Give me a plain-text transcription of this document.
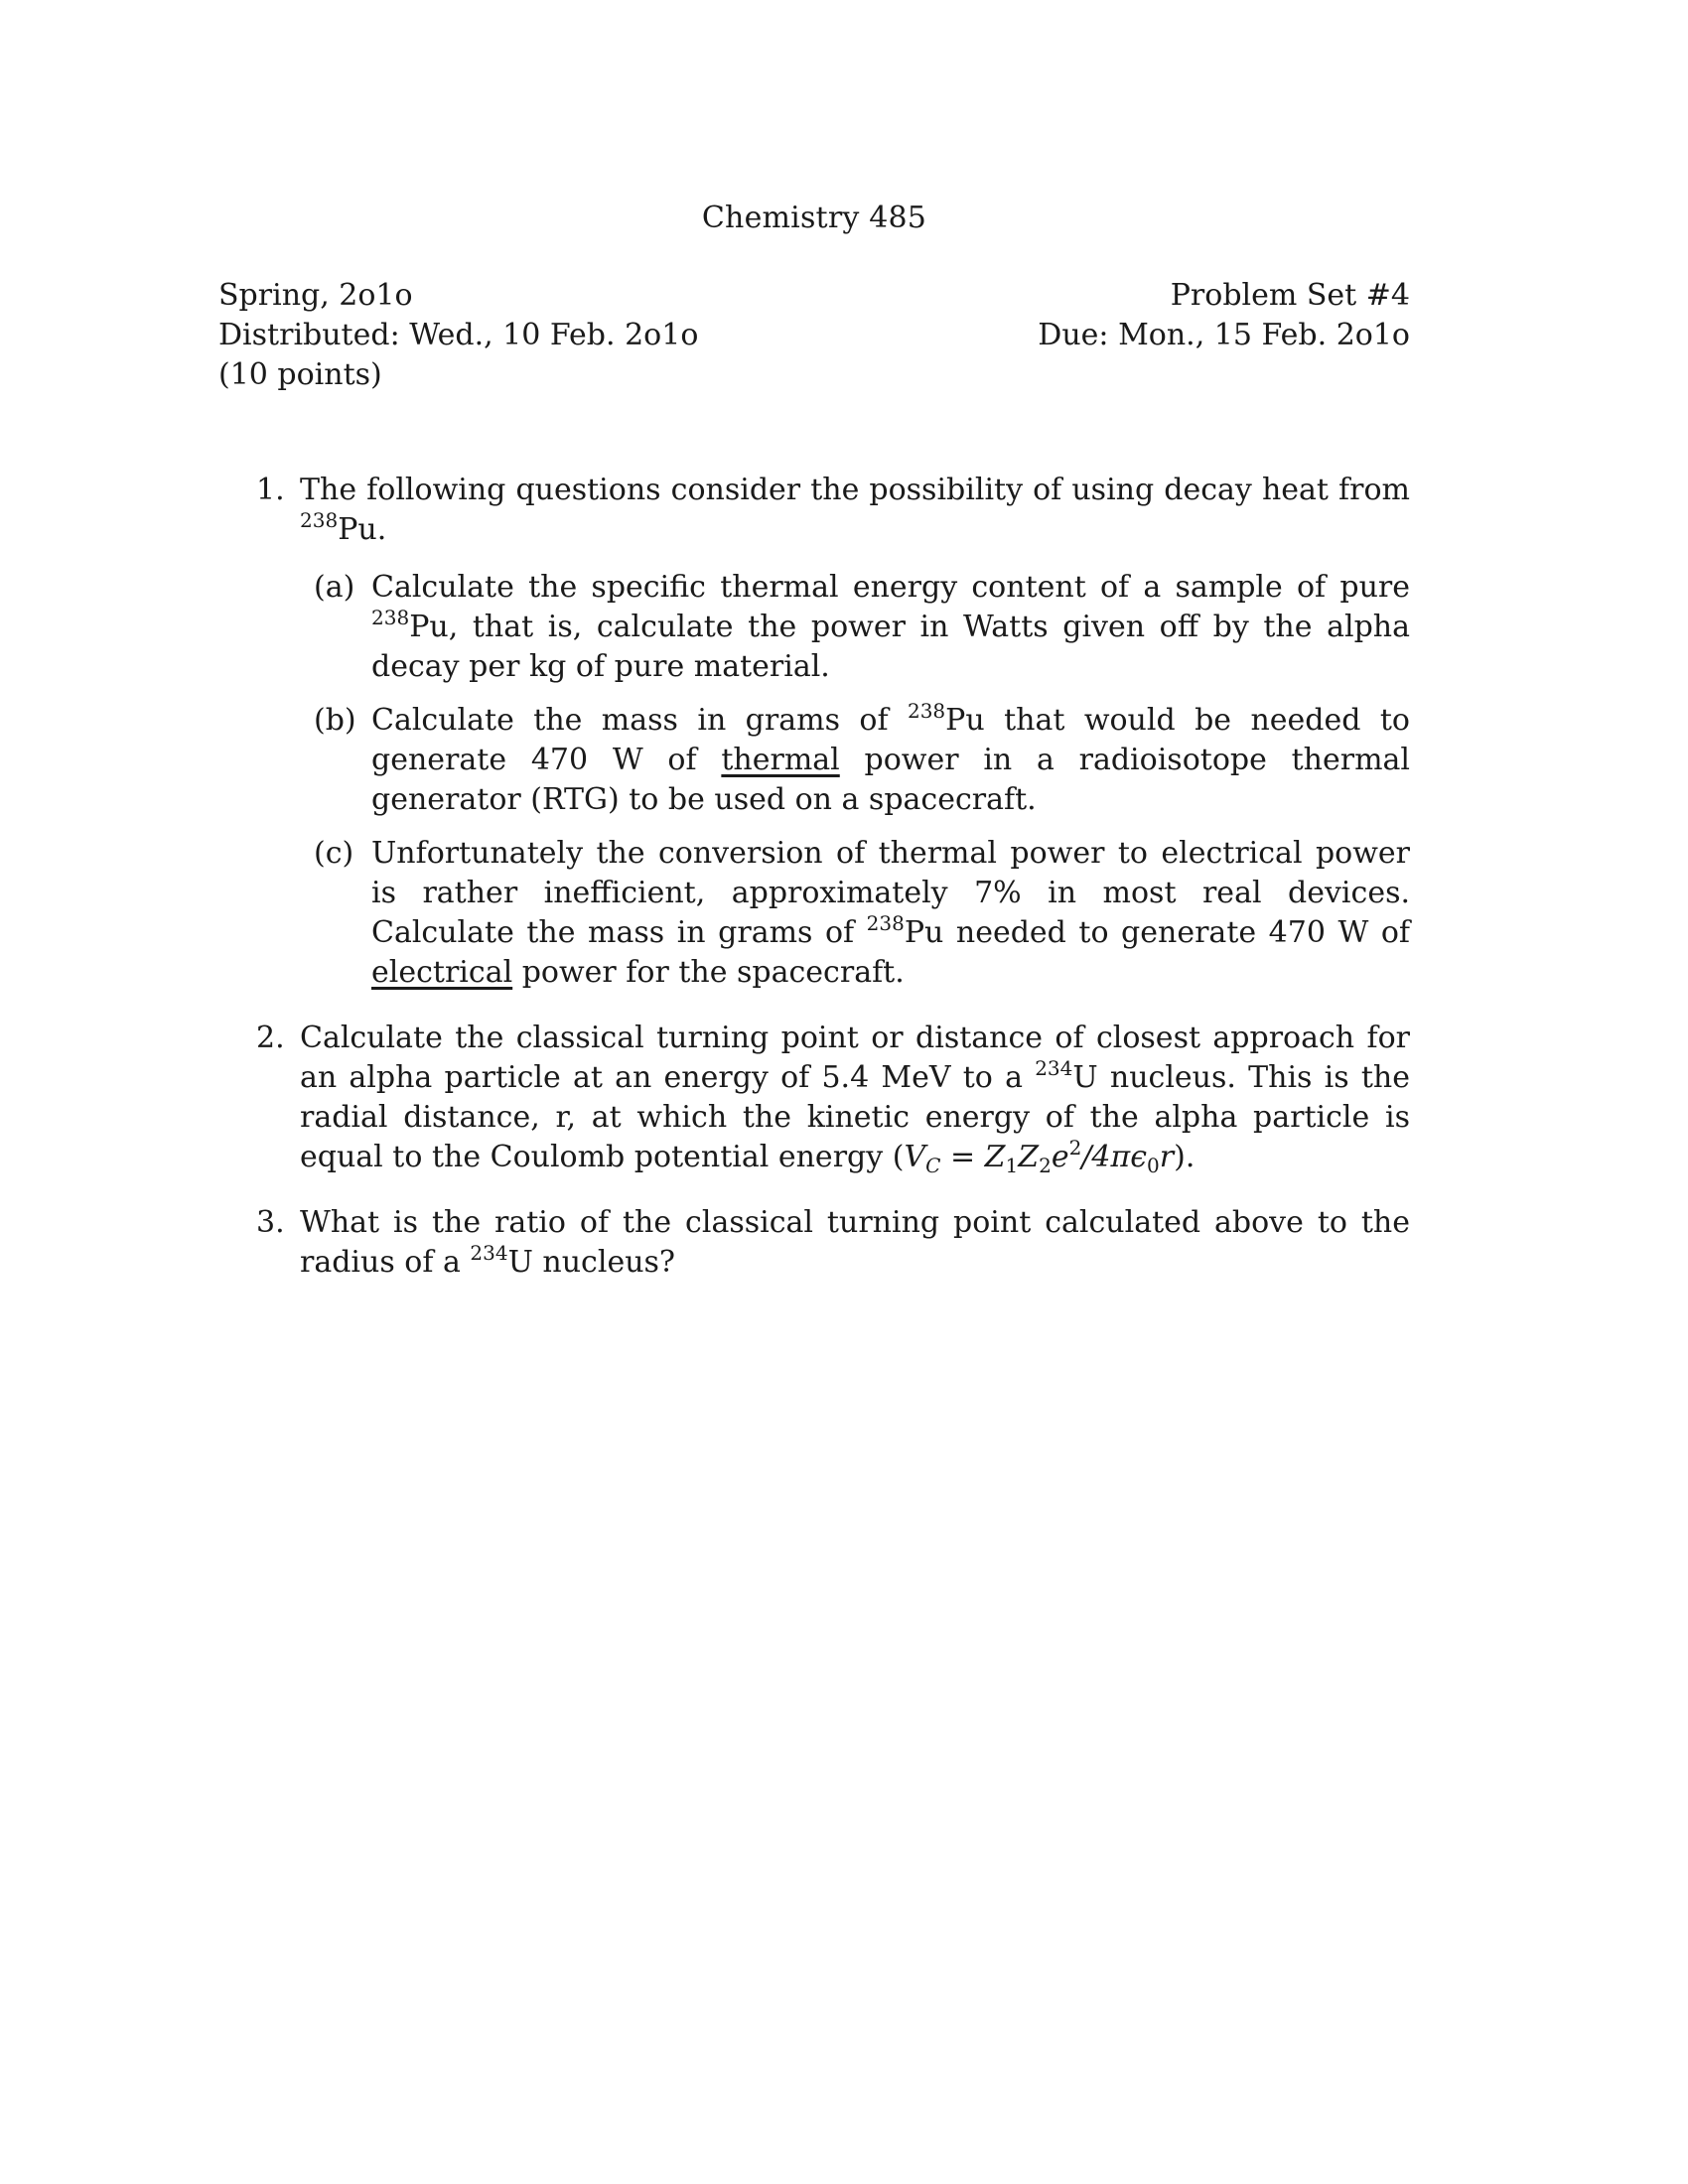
Chemistry 485
Spring, 2o1o
Distributed: Wed., 10 Feb. 2o1o
(10 points)
Problem Set #4
Due: Mon., 15 Feb. 2o1o
1. The following questions consider the possibility of using decay heat from $^{238}$Pu.
(a) Calculate the specific thermal energy content of a sample of pure $^{238}$Pu, that is, calculate the power in Watts given off by the alpha decay per kg of pure material.
(b) Calculate the mass in grams of $^{238}$Pu that would be needed to generate 470 W of thermal power in a radioisotope thermal generator (RTG) to be used on a spacecraft.
(c) Unfortunately the conversion of thermal power to electrical power is rather inefficient, approximately 7% in most real devices. Calculate the mass in grams of $^{238}$Pu needed to generate 470 W of electrical power for the spacecraft.
2. Calculate the classical turning point or distance of closest approach for an alpha particle at an energy of 5.4 MeV to a $^{234}$U nucleus. This is the radial distance, r, at which the kinetic energy of the alpha particle is equal to the Coulomb potential energy $(V_C = Z_1Z_2e^2/4\pi\epsilon_0r)$.
3. What is the ratio of the classical turning point calculated above to the radius of a $^{234}$U nucleus?
